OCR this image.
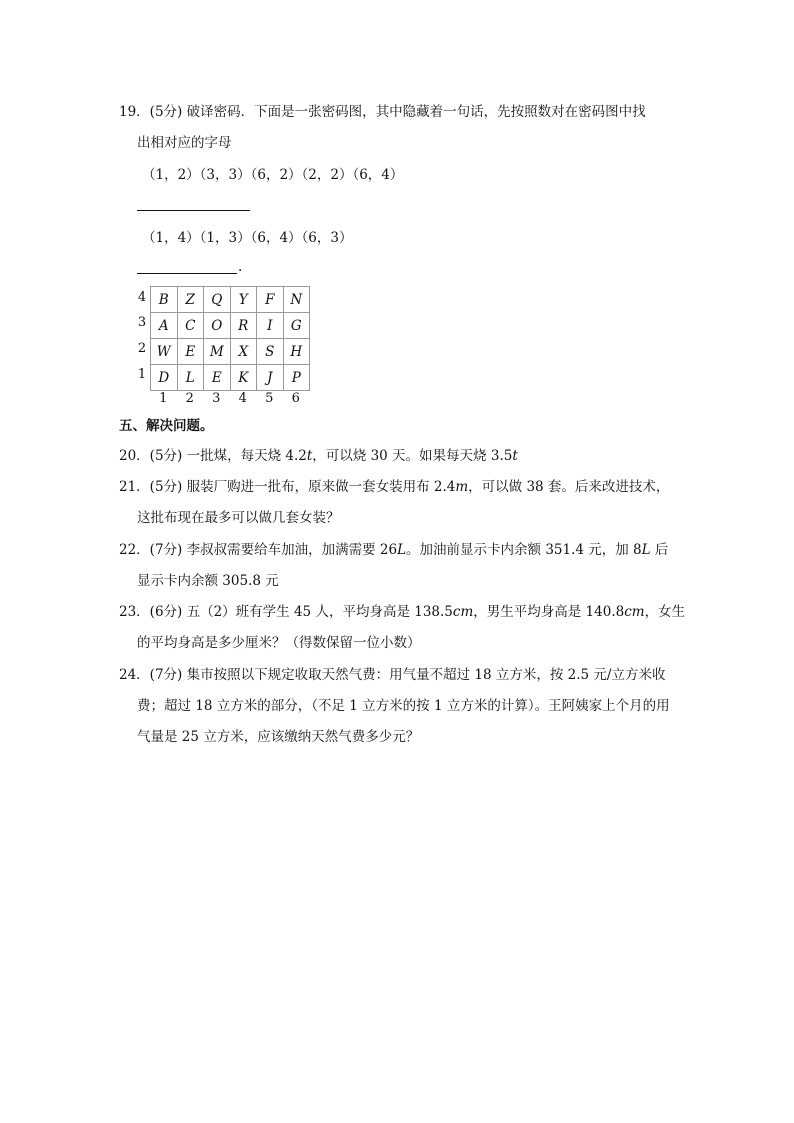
19．(5分) 破译密码．下面是一张密码图，其中隐藏着一句话，先按照数对在密码图中找
出相对应的字母
（1，2）（3，3）（6，2）（2，2）（6，4）
（1，4）（1，3）（6，4）（6，3）
.
4
3
2
1
B	Z	Q	Y	F	N
A	C	O	R	I	G
W	E	M	X	S	H
D	L	E	K	J	P
1	2	3	4	5	6
五、解决问题。
20．(5分) 一批煤，每天烧 4.2t，可以烧 30 天。如果每天烧 3.5t
21．(5分) 服装厂购进一批布，原来做一套女装用布 2.4m，可以做 38 套。后来改进技术，
这批布现在最多可以做几套女装？
22．(7分) 李叔叔需要给车加油，加满需要 26L。加油前显示卡内余额 351.4 元，加 8L 后
显示卡内余额 305.8 元
23．(6分) 五（2）班有学生 45 人，平均身高是 138.5cm，男生平均身高是 140.8cm，女生
的平均身高是多少厘米？（得数保留一位小数）
24．(7分) 集市按照以下规定收取天然气费：用气量不超过 18 立方米，按 2.5 元/立方米收
费；超过 18 立方米的部分，（不足 1 立方米的按 1 立方米的计算）。王阿姨家上个月的用
气量是 25 立方米，应该缴纳天然气费多少元？
